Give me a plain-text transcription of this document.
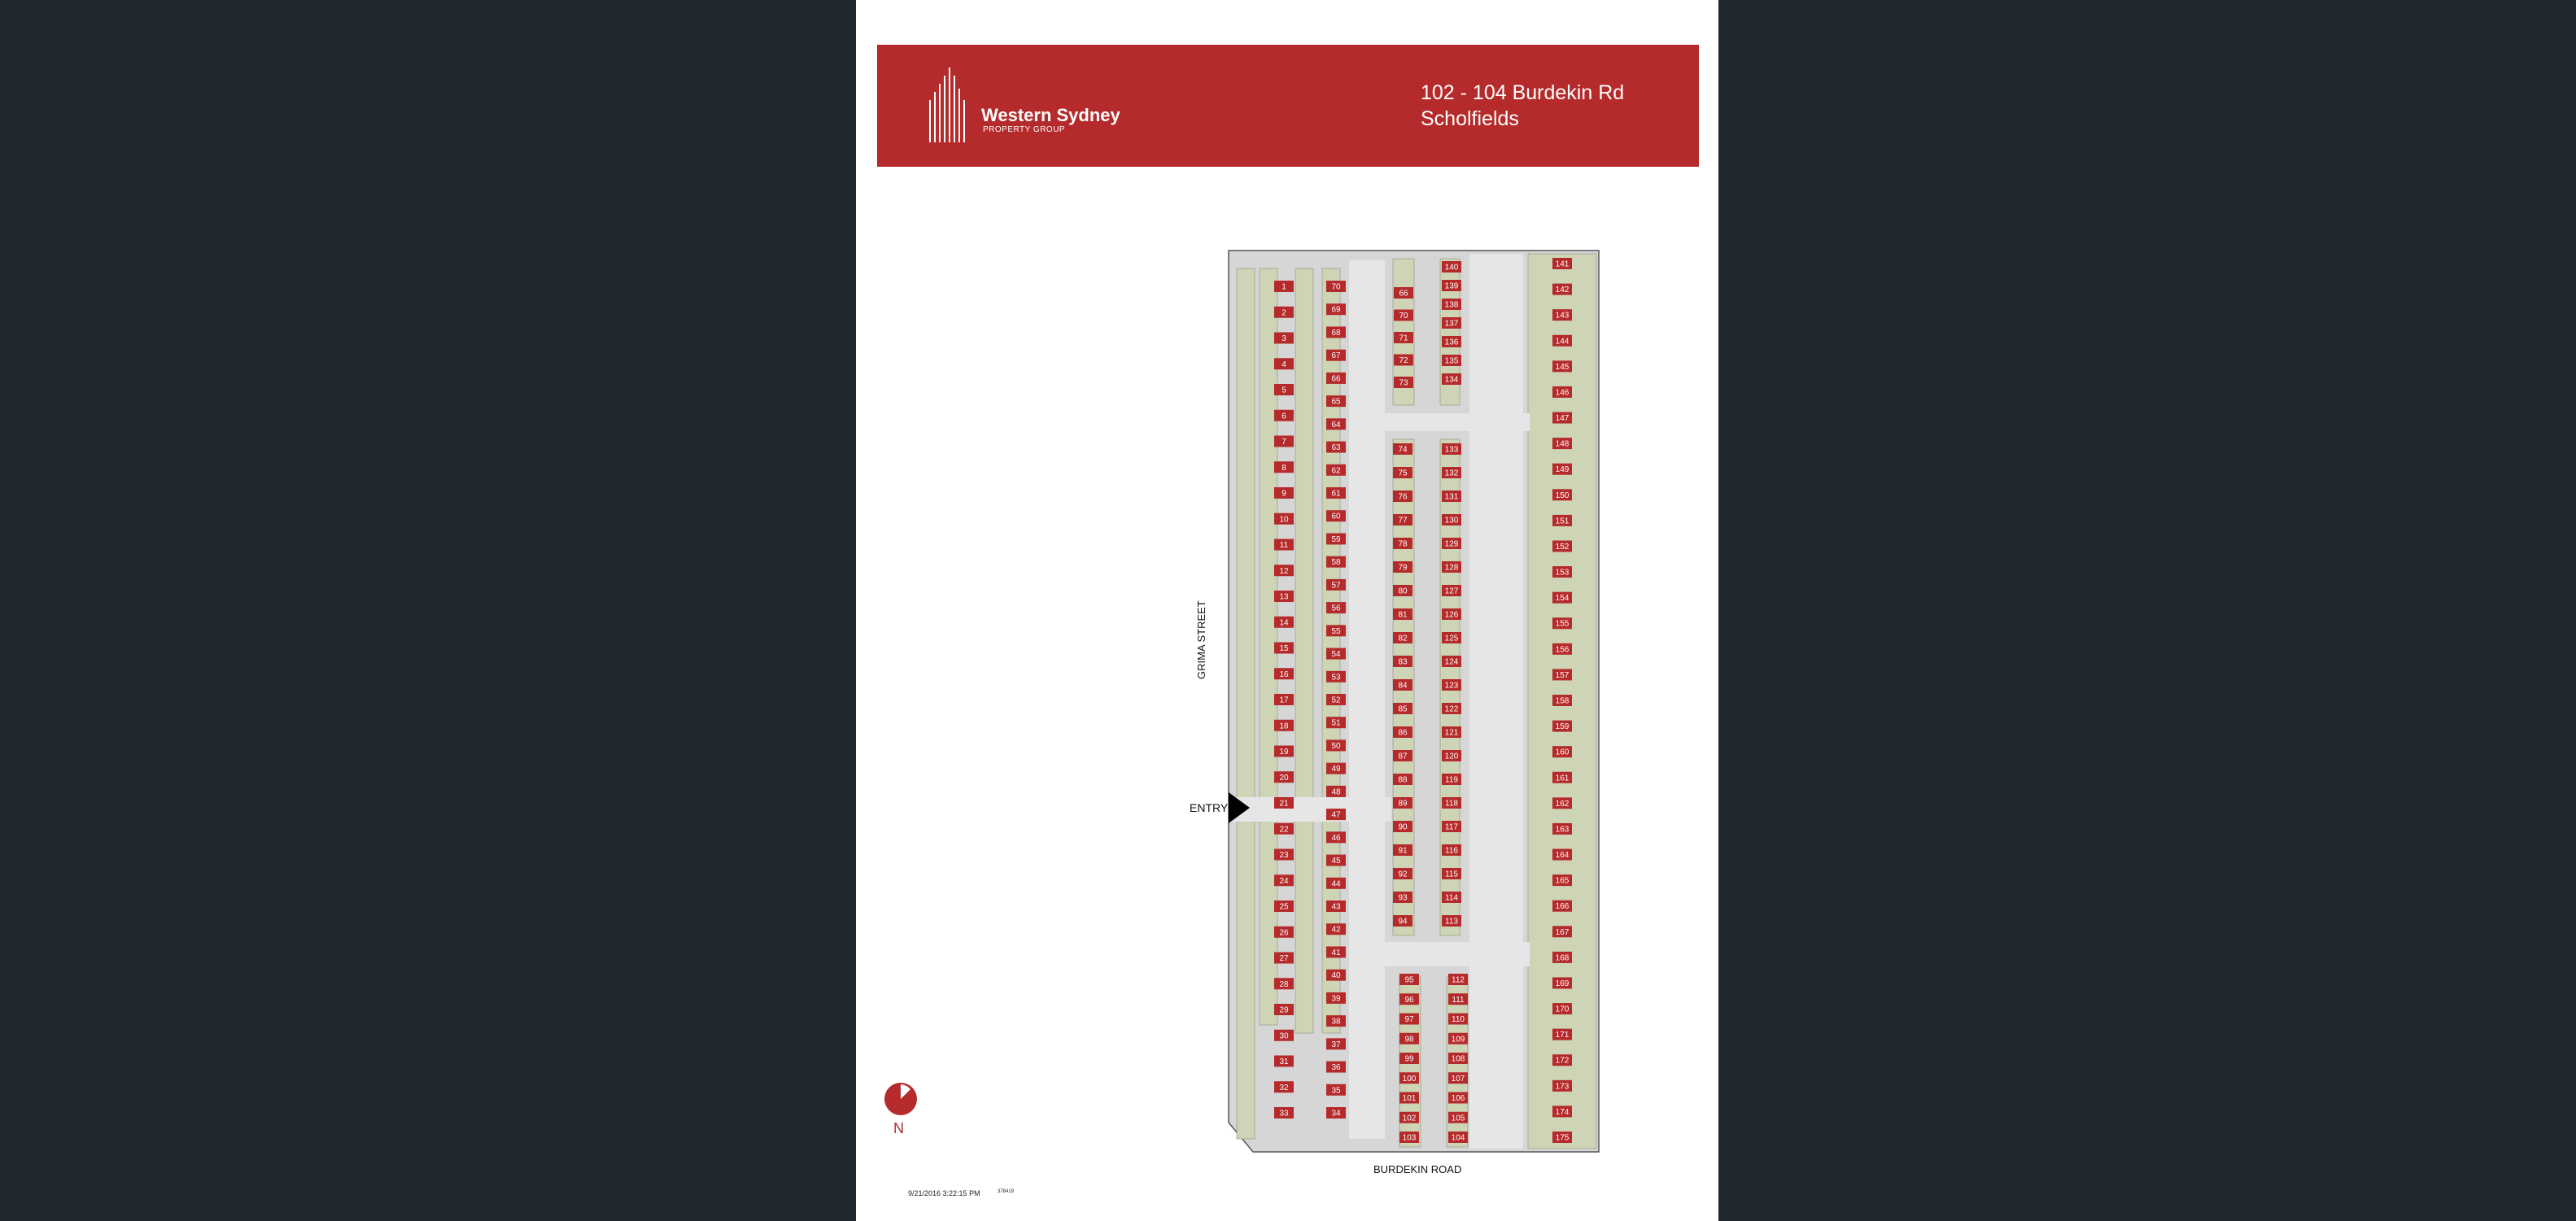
Western Sydney
PROPERTY GROUP
102 - 104 Burdekin Rd
Scholfields
1
2
3
4
5
6
7
8
9
10
11
12
13
14
15
16
17
18
19
20
21
22
23
24
25
26
27
28
29
30
31
32
33
70
69
68
67
66
65
64
63
62
61
60
59
58
57
56
55
54
53
52
51
50
49
48
47
46
45
44
43
42
41
40
39
38
37
36
35
34
66
70
71
72
73
74
75
76
77
78
79
80
81
82
83
84
85
86
87
88
89
90
91
92
93
94
95
96
97
98
99
100
101
102
103
140
139
138
137
136
135
134
133
132
131
130
129
128
127
126
125
124
123
122
121
120
119
118
117
116
115
114
113
112
111
110
109
108
107
106
105
104
141
142
143
144
145
146
147
148
149
150
151
152
153
154
155
156
157
158
159
160
161
162
163
164
165
166
167
168
169
170
171
172
173
174
175
ENTRY
GRIMA STREET
BURDEKIN ROAD
N
9/21/2016 3:22:15 PM	378419
